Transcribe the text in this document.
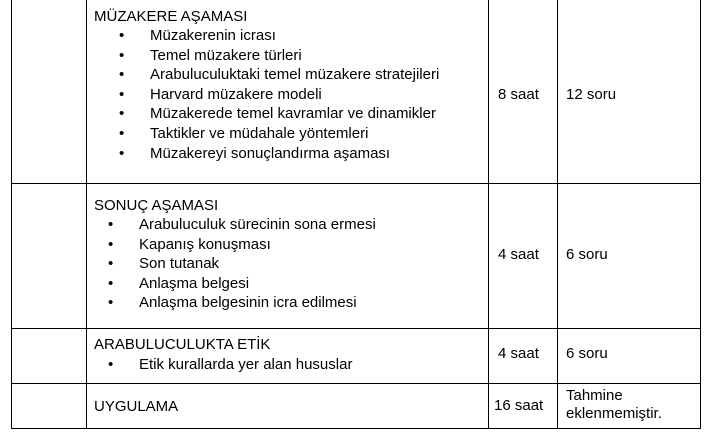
MÜZAKERE AŞAMASI
• Müzakerenin icrası
• Temel müzakere türleri
• Arabuluculuktaki temel müzakere stratejileri
• Harvard müzakere modeli
• Müzakerede temel kavramlar ve dinamikler
• Taktikler ve müdahale yöntemleri
• Müzakereyi sonuçlandırma aşaması
8 saat 12 soru
SONUÇ AŞAMASI
• Arabuluculuk sürecinin sona ermesi
• Kapanış konuşması
• Son tutanak
• Anlaşma belgesi
• Anlaşma belgesinin icra edilmesi
4 saat 6 soru
ARABULUCULUKTA ETİK
• Etik kurallarda yer alan hususlar
4 saat 6 soru
UYGULAMA	16 saat
Tahmine eklenmemiştir.
